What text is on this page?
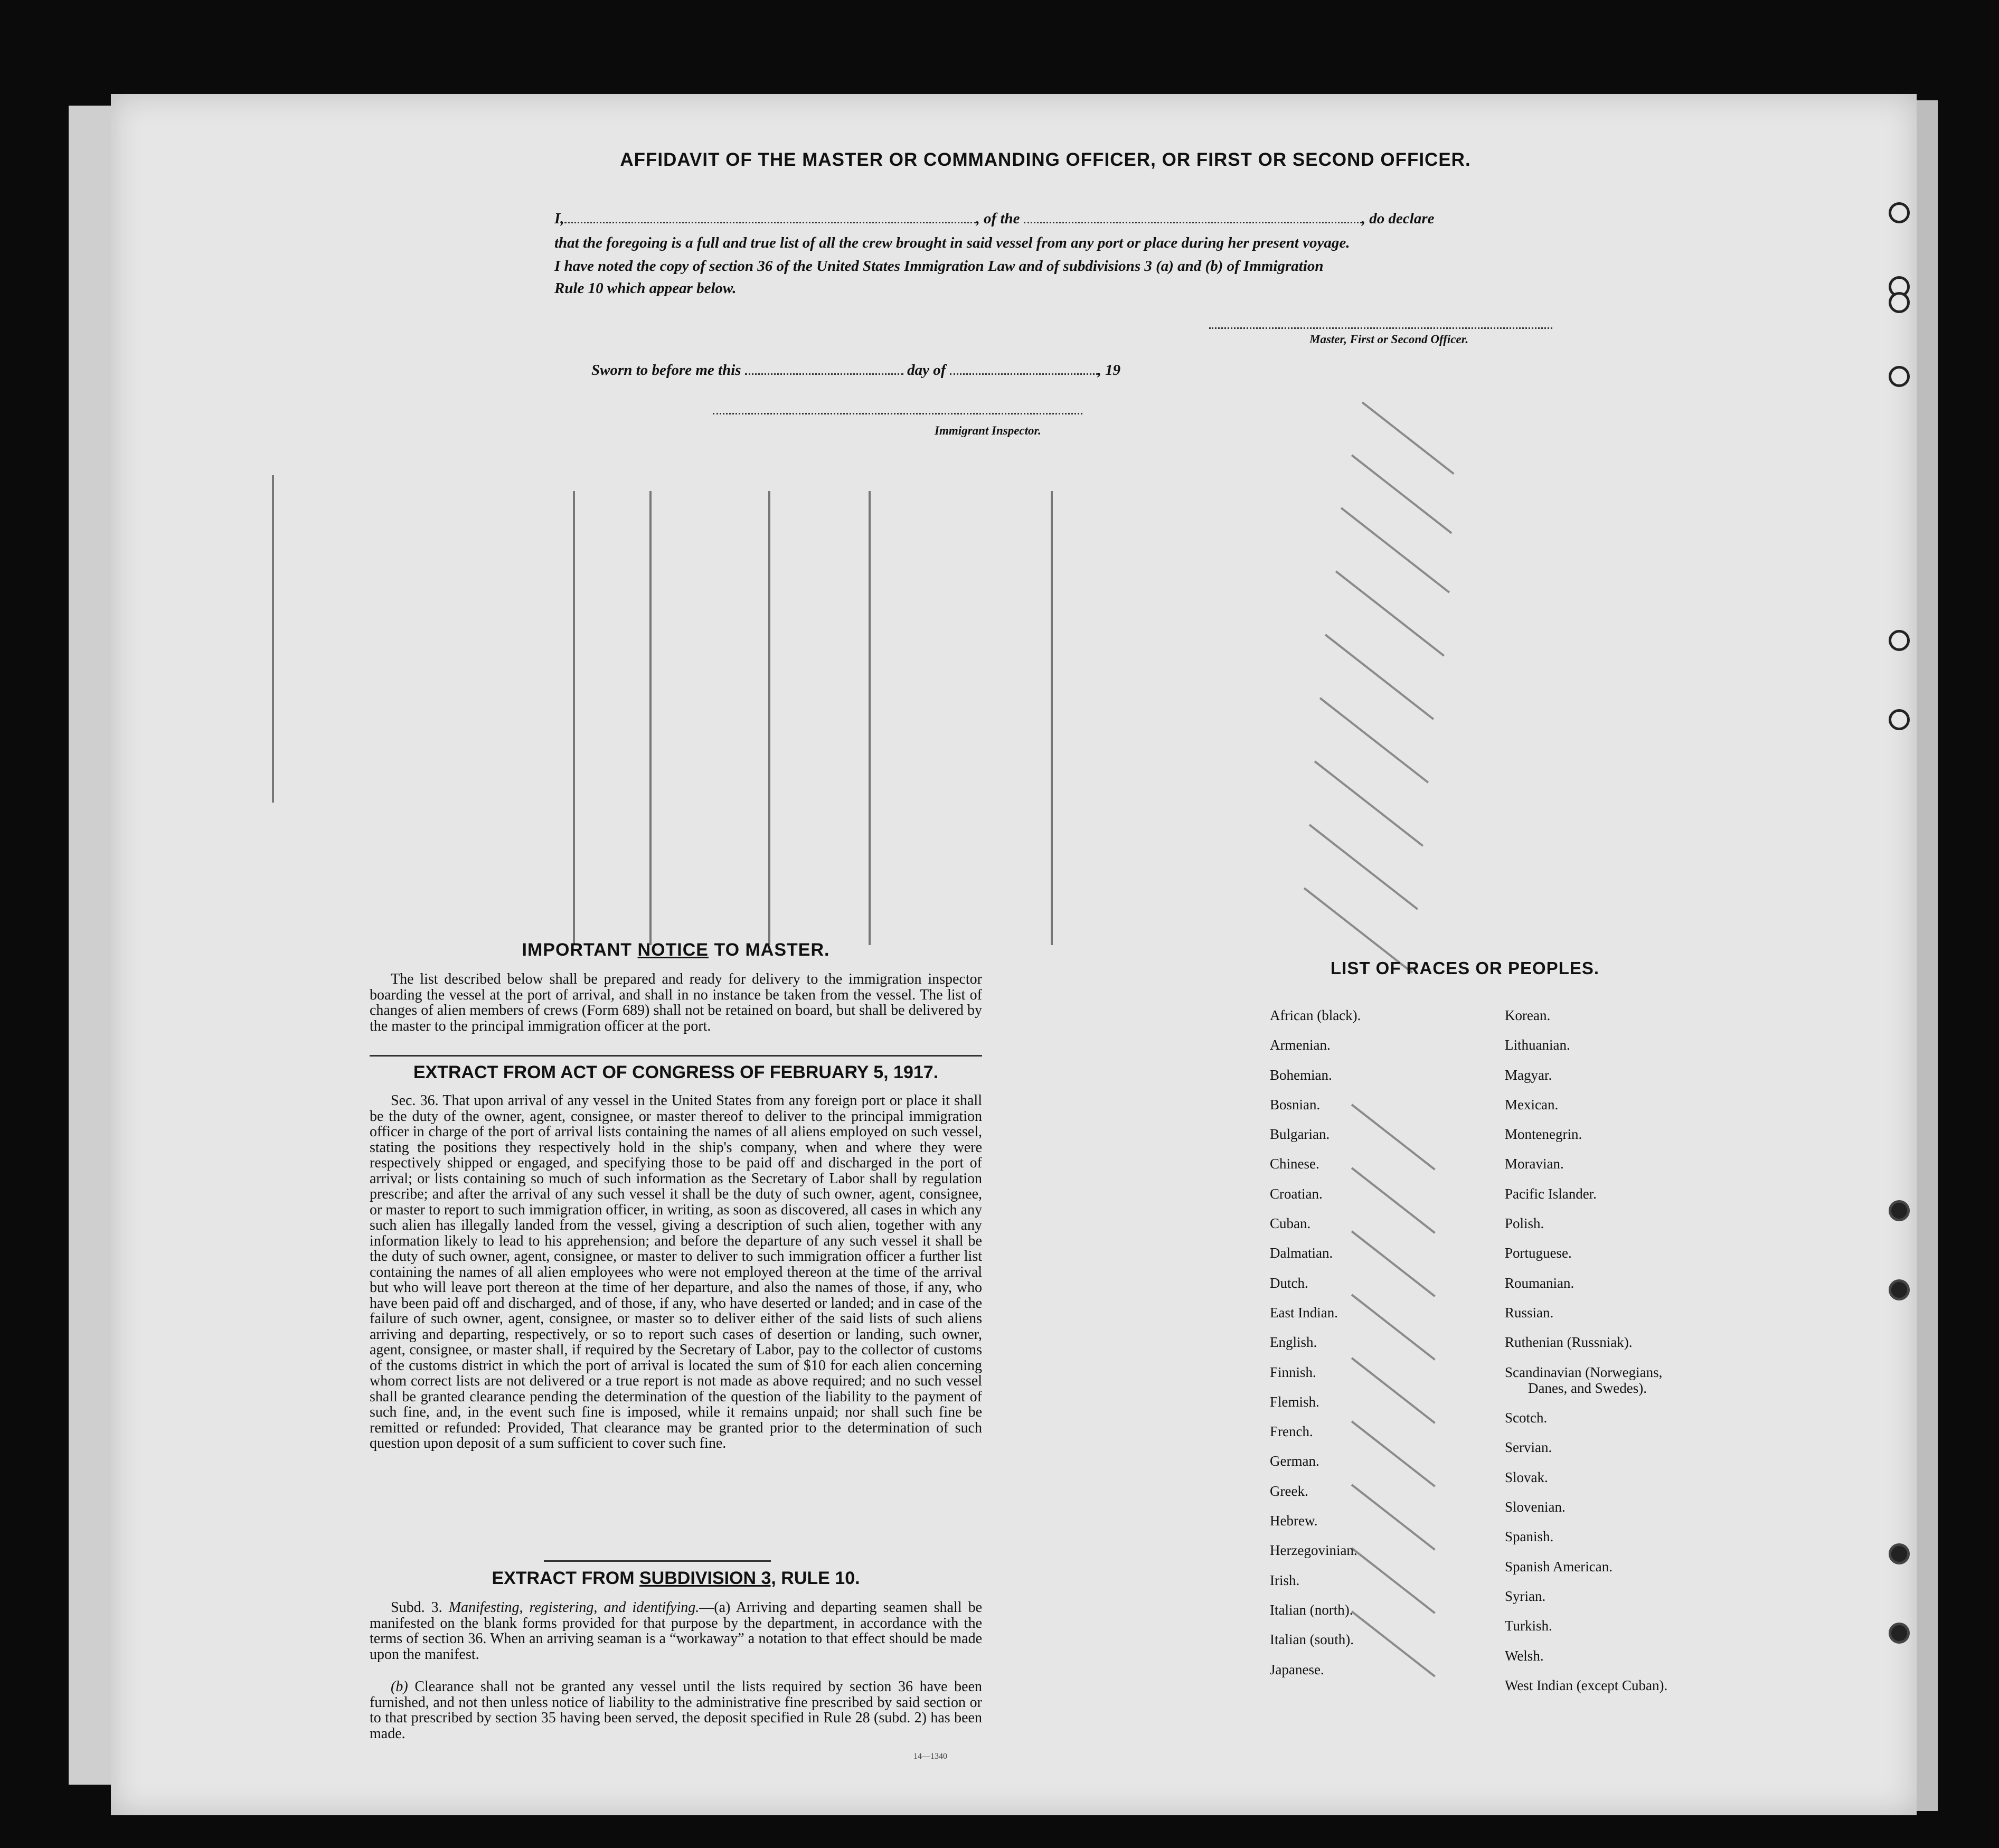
AFFIDAVIT OF THE MASTER OR COMMANDING OFFICER, OR FIRST OR SECOND OFFICER.
I,	, of the	, do declare
that the foregoing is a full and true list of all the crew brought in said vessel from any port or place during her present voyage.
I have noted the copy of section 36 of the United States Immigration Law and of subdivisions 3 (a) and (b) of Immigration
Rule 10 which appear below.
Master, First or Second Officer.
Sworn to before me this	day of	, 19
Immigrant Inspector.
IMPORTANT NOTICE TO MASTER.

The list described below shall be prepared and ready for delivery to the immigration inspector boarding the vessel at the port of arrival, and shall in no instance be taken from the vessel. The list of changes of alien members of crews (Form 689) shall not be retained on board, but shall be delivered by the master to the principal immigration officer at the port.

EXTRACT FROM ACT OF CONGRESS OF FEBRUARY 5, 1917.

Sec. 36. That upon arrival of any vessel in the United States from any foreign port or place it shall be the duty of the owner, agent, consignee, or master thereof to deliver to the principal immigration officer in charge of the port of arrival lists containing the names of all aliens employed on such vessel, stating the positions they respectively hold in the ship's company, when and where they were respectively shipped or engaged, and specifying those to be paid off and discharged in the port of arrival; or lists containing so much of such information as the Secretary of Labor shall by regulation prescribe; and after the arrival of any such vessel it shall be the duty of such owner, agent, consignee, or master to report to such immigration officer, in writing, as soon as discovered, all cases in which any such alien has illegally landed from the vessel, giving a description of such alien, together with any information likely to lead to his apprehension; and before the departure of any such vessel it shall be the duty of such owner, agent, consignee, or master to deliver to such immigration officer a further list containing the names of all alien employees who were not employed thereon at the time of the arrival but who will leave port thereon at the time of her departure, and also the names of those, if any, who have been paid off and discharged, and of those, if any, who have deserted or landed; and in case of the failure of such owner, agent, consignee, or master so to deliver either of the said lists of such aliens arriving and departing, respectively, or so to report such cases of desertion or landing, such owner, agent, consignee, or master shall, if required by the Secretary of Labor, pay to the collector of customs of the customs district in which the port of arrival is located the sum of $10 for each alien concerning whom correct lists are not delivered or a true report is not made as above required; and no such vessel shall be granted clearance pending the determination of the question of the liability to the payment of such fine, and, in the event such fine is imposed, while it remains unpaid; nor shall such fine be remitted or refunded: Provided, That clearance may be granted prior to the determination of such question upon deposit of a sum sufficient to cover such fine.

EXTRACT FROM SUBDIVISION 3, RULE 10.

Subd. 3. Manifesting, registering, and identifying.—(a) Arriving and departing seamen shall be manifested on the blank forms provided for that purpose by the department, in accordance with the terms of section 36. When an arriving seaman is a “workaway” a notation to that effect should be made upon the manifest.

(b) Clearance shall not be granted any vessel until the lists required by section 36 have been furnished, and not then unless notice of liability to the administrative fine prescribed by said section or to that prescribed by section 35 having been served, the deposit specified in Rule 28 (subd. 2) has been made.

14—1340
LIST OF RACES OR PEOPLES.
African (black).
Armenian.
Bohemian.
Bosnian.
Bulgarian.
Chinese.
Croatian.
Cuban.
Dalmatian.
Dutch.
East Indian.
English.
Finnish.
Flemish.
French.
German.
Greek.
Hebrew.
Herzegovinian.
Irish.
Italian (north).
Italian (south).
Japanese.
Korean.
Lithuanian.
Magyar.
Mexican.
Montenegrin.
Moravian.
Pacific Islander.
Polish.
Portuguese.
Roumanian.
Russian.
Ruthenian (Russniak).
Scandinavian (Norwegians,
Danes, and Swedes).
Scotch.
Servian.
Slovak.
Slovenian.
Spanish.
Spanish American.
Syrian.
Turkish.
Welsh.
West Indian (except Cuban).
